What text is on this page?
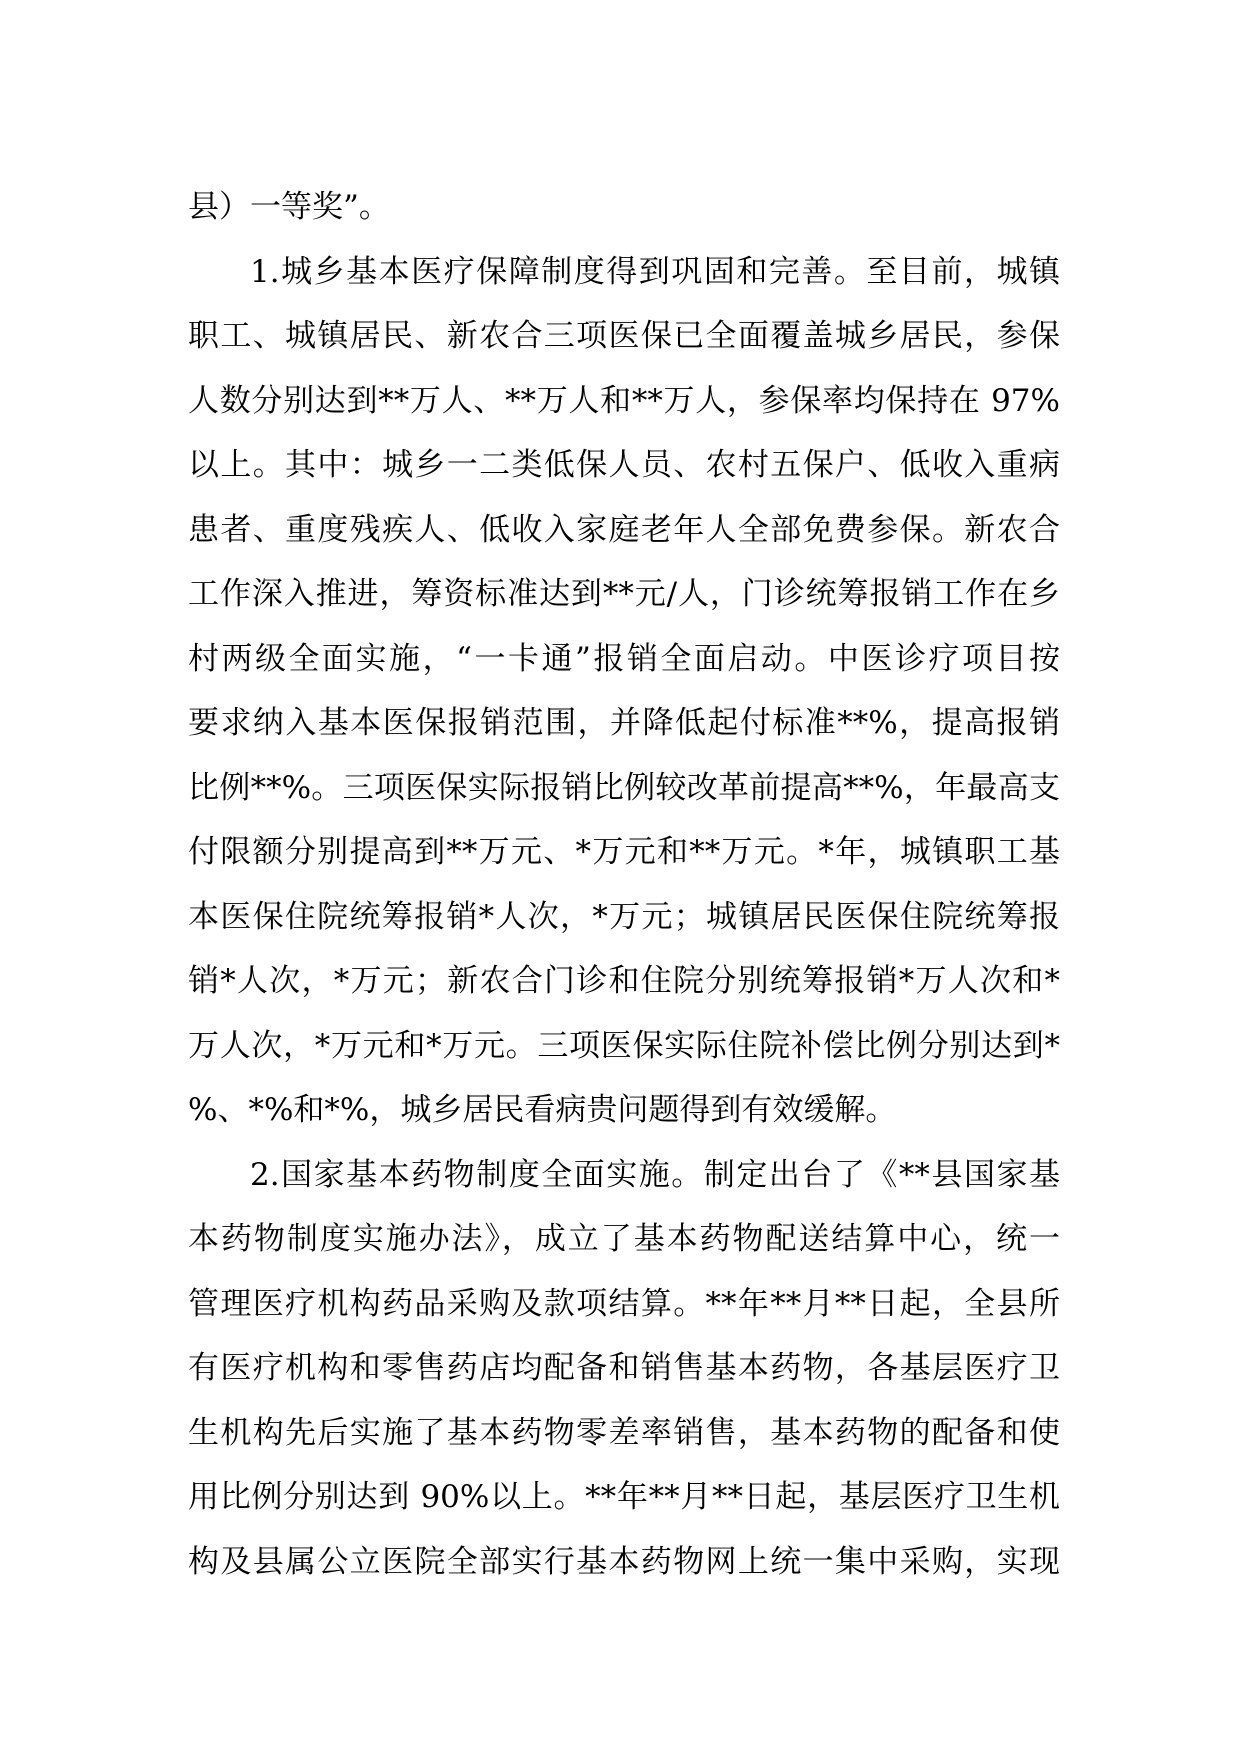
县）一等奖”。
1.城乡基本医疗保障制度得到巩固和完善。至目前，城镇
职工、城镇居民、新农合三项医保已全面覆盖城乡居民，参保
人数分别达到**万人、**万人和**万人，参保率均保持在 97%
以上。其中：城乡一二类低保人员、农村五保户、低收入重病
患者、重度残疾人、低收入家庭老年人全部免费参保。新农合
工作深入推进，筹资标准达到**元/人，门诊统筹报销工作在乡
村两级全面实施，“一卡通”报销全面启动。中医诊疗项目按
要求纳入基本医保报销范围，并降低起付标准**%，提高报销
比例**%。三项医保实际报销比例较改革前提高**%，年最高支
付限额分别提高到**万元、*万元和**万元。*年，城镇职工基
本医保住院统筹报销*人次，*万元；城镇居民医保住院统筹报
销*人次，*万元；新农合门诊和住院分别统筹报销*万人次和*
万人次，*万元和*万元。三项医保实际住院补偿比例分别达到*
%、*%和*%，城乡居民看病贵问题得到有效缓解。
2.国家基本药物制度全面实施。制定出台了《**县国家基
本药物制度实施办法》，成立了基本药物配送结算中心，统一
管理医疗机构药品采购及款项结算。**年**月**日起，全县所
有医疗机构和零售药店均配备和销售基本药物，各基层医疗卫
生机构先后实施了基本药物零差率销售，基本药物的配备和使
用比例分别达到 90%以上。**年**月**日起，基层医疗卫生机
构及县属公立医院全部实行基本药物网上统一集中采购，实现
